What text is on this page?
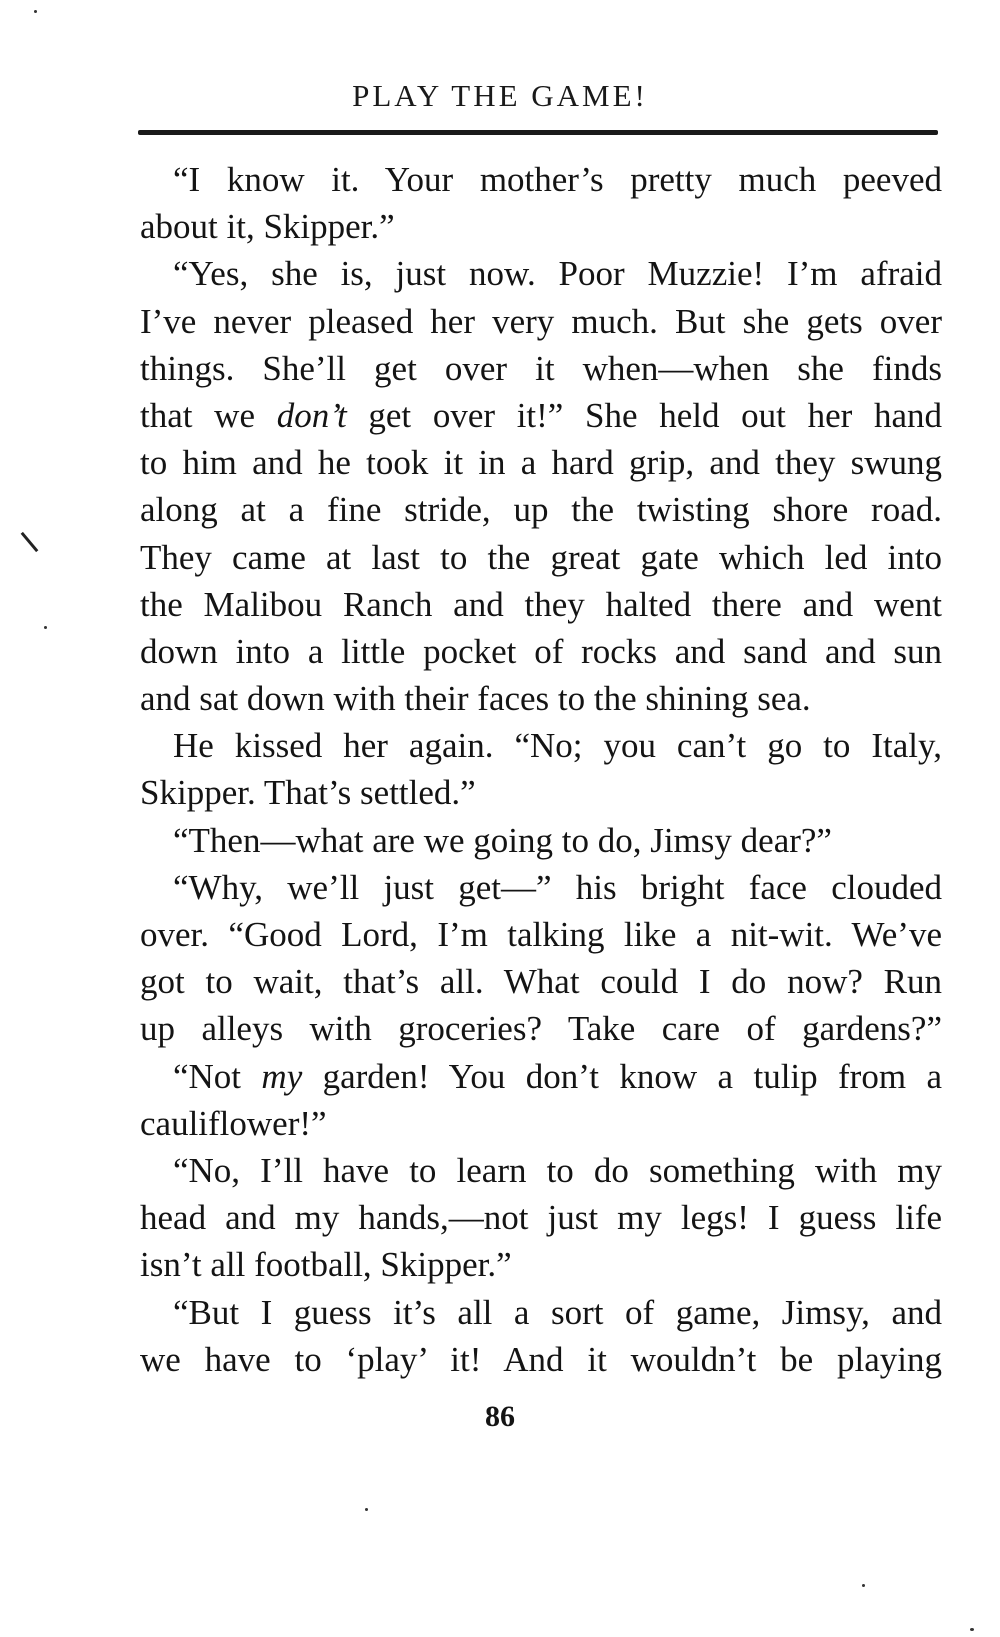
PLAY THE GAME!
“I know it. Your mother’s pretty much peeved
about it, Skipper.”
“Yes, she is, just now. Poor Muzzie! I’m afraid
I’ve never pleased her very much. But she gets over
things. She’ll get over it when—when she finds
that we don’t get over it!” She held out her hand
to him and he took it in a hard grip, and they swung
along at a fine stride, up the twisting shore road.
They came at last to the great gate which led into
the Malibou Ranch and they halted there and went
down into a little pocket of rocks and sand and sun
and sat down with their faces to the shining sea.
He kissed her again. “No; you can’t go to Italy,
Skipper. That’s settled.”
“Then—what are we going to do, Jimsy dear?”
“Why, we’ll just get—” his bright face clouded
over. “Good Lord, I’m talking like a nit-wit. We’ve
got to wait, that’s all. What could I do now? Run
up alleys with groceries? Take care of gardens?”
“Not my garden! You don’t know a tulip from a
cauliflower!”
“No, I’ll have to learn to do something with my
head and my hands,—not just my legs! I guess life
isn’t all football, Skipper.”
“But I guess it’s all a sort of game, Jimsy, and
we have to ‘play’ it! And it wouldn’t be playing
86
